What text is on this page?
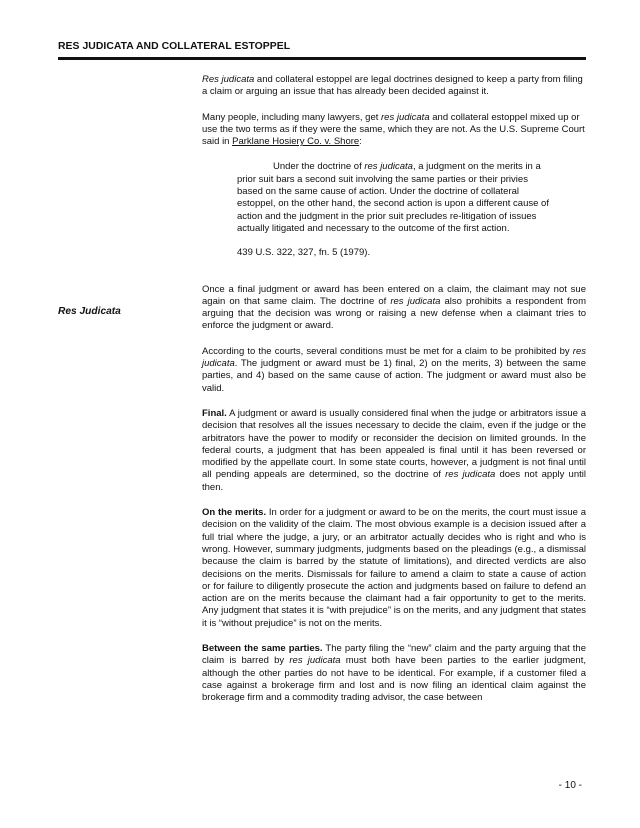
RES JUDICATA AND COLLATERAL ESTOPPEL
Res Judicata

Res judicata and collateral estoppel are legal doctrines designed to keep a party from filing a claim or arguing an issue that has already been decided against it.

Many people, including many lawyers, get res judicata and collateral estoppel mixed up or use the two terms as if they were the same, which they are not. As the U.S. Supreme Court said in Parklane Hosiery Co. v. Shore:

Under the doctrine of res judicata, a judgment on the merits in a prior suit bars a second suit involving the same parties or their privies based on the same cause of action. Under the doctrine of collateral estoppel, on the other hand, the second action is upon a different cause of action and the judgment in the prior suit precludes re-litigation of issues actually litigated and necessary to the outcome of the first action.

439 U.S. 322, 327, fn. 5 (1979).

Once a final judgment or award has been entered on a claim, the claimant may not sue again on that same claim. The doctrine of res judicata also prohibits a respondent from arguing that the decision was wrong or raising a new defense when a claimant tries to enforce the judgment or award.

According to the courts, several conditions must be met for a claim to be prohibited by res judicata. The judgment or award must be 1) final, 2) on the merits, 3) between the same parties, and 4) based on the same cause of action. The judgment or award must also be valid.

Final. A judgment or award is usually considered final when the judge or arbitrators issue a decision that resolves all the issues necessary to decide the claim, even if the judge or the arbitrators have the power to modify or reconsider the decision on limited grounds. In the federal courts, a judgment that has been appealed is final until it has been reversed or modified by the appellate court. In some state courts, however, a judgment is not final until all pending appeals are determined, so the doctrine of res judicata does not apply until then.

On the merits. In order for a judgment or award to be on the merits, the court must issue a decision on the validity of the claim. The most obvious example is a decision issued after a full trial where the judge, a jury, or an arbitrator actually decides who is right and who is wrong. However, summary judgments, judgments based on the pleadings (e.g., a dismissal because the claim is barred by the statute of limitations), and directed verdicts are also decisions on the merits. Dismissals for failure to amend a claim to state a cause of action or for failure to diligently prosecute the action and judgments based on failure to defend an action are on the merits because the claimant had a fair opportunity to get to the merits. Any judgment that states it is “with prejudice” is on the merits, and any judgment that states it is “without prejudice” is not on the merits.

Between the same parties. The party filing the “new” claim and the party arguing that the claim is barred by res judicata must both have been parties to the earlier judgment, although the other parties do not have to be identical. For example, if a customer filed a case against a brokerage firm and lost and is now filing an identical claim against the brokerage firm and a commodity trading advisor, the case between

- 10 -
